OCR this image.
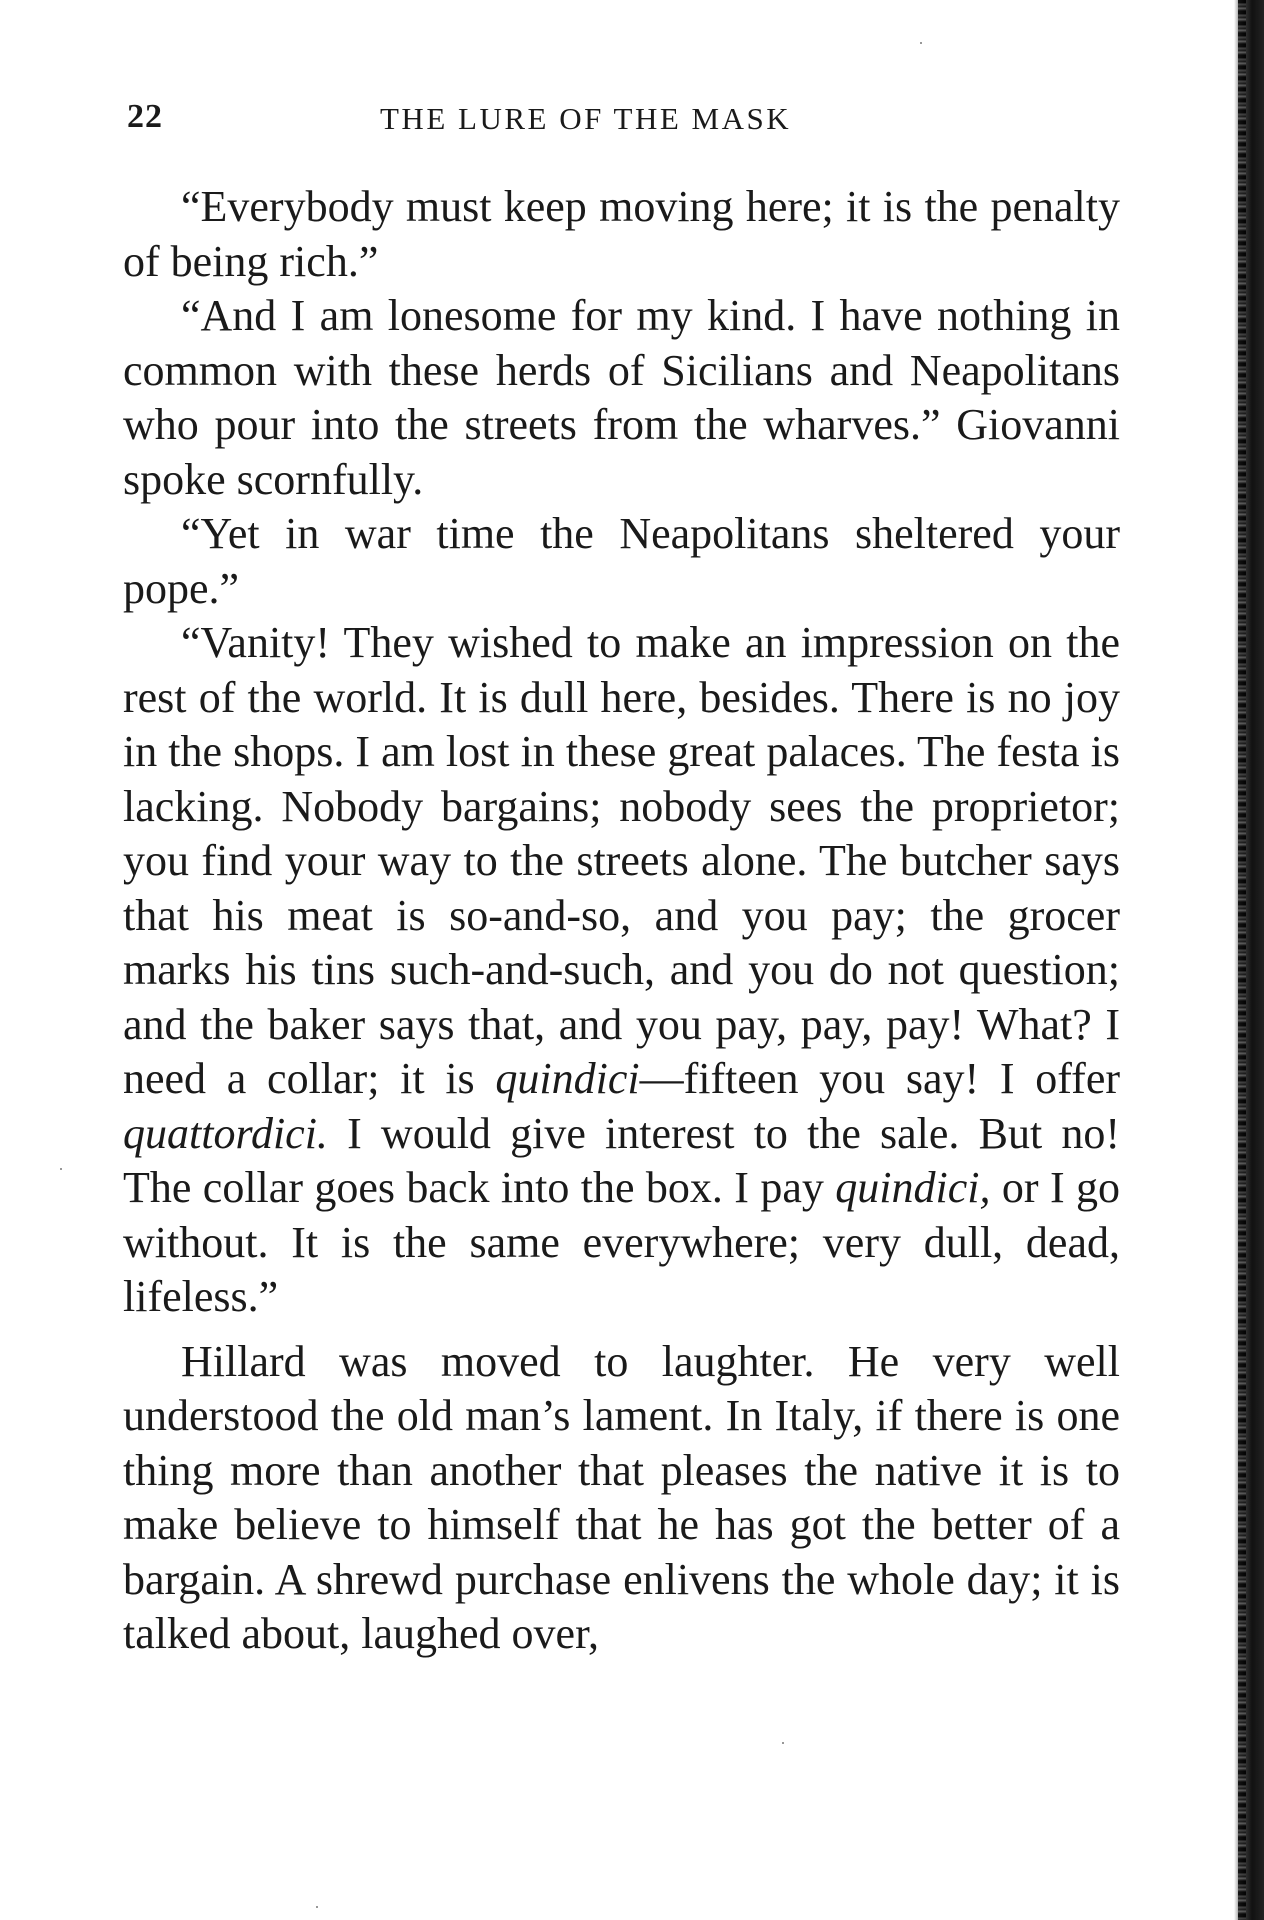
22	THE LURE OF THE MASK

“Everybody must keep moving here; it is the penalty of being rich.”

“And I am lonesome for my kind. I have nothing in common with these herds of Sicilians and Neapolitans who pour into the streets from the wharves.” Giovanni spoke scornfully.

“Yet in war time the Neapolitans sheltered your pope.”

“Vanity! They wished to make an impression on the rest of the world. It is dull here, besides. There is no joy in the shops. I am lost in these great palaces. The festa is lacking. Nobody bargains; nobody sees the proprietor; you find your way to the streets alone. The butcher says that his meat is so-and-so, and you pay; the grocer marks his tins such-and-such, and you do not question; and the baker says that, and you pay, pay, pay! What? I need a collar; it is quindici—fifteen you say! I offer quattordici. I would give interest to the sale. But no! The collar goes back into the box. I pay quindici, or I go without. It is the same everywhere; very dull, dead, lifeless.”

Hillard was moved to laughter. He very well understood the old man’s lament. In Italy, if there is one thing more than another that pleases the native it is to make believe to himself that he has got the better of a bargain. A shrewd purchase enlivens the whole day; it is talked about, laughed over,
